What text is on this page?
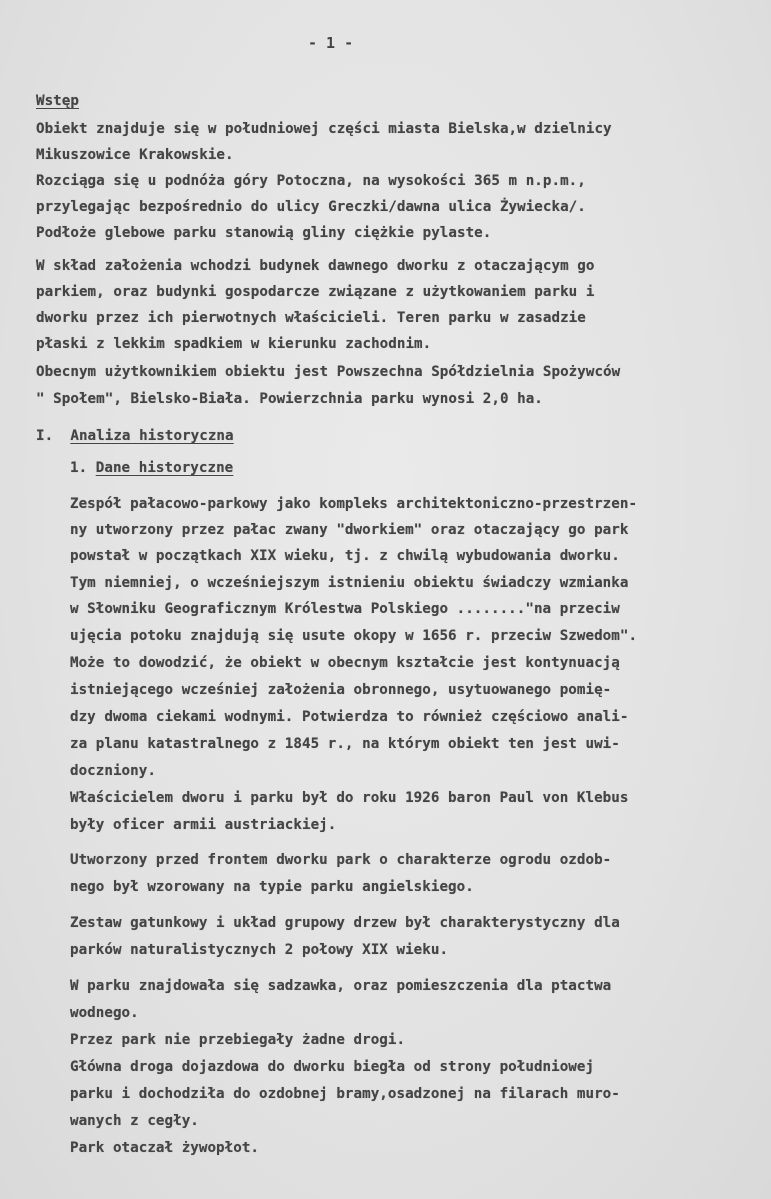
- 1 -
Wstęp
Obiekt znajduje się w południowej części miasta Bielska,w dzielnicy
Mikuszowice Krakowskie.
Rozciąga się u podnóża góry Potoczna, na wysokości 365 m n.p.m.,
przylegając bezpośrednio do ulicy Greczki/dawna ulica Żywiecka/.
Podłoże glebowe parku stanowią gliny ciężkie pylaste.
W skład założenia wchodzi budynek dawnego dworku z otaczającym go
parkiem, oraz budynki gospodarcze związane z użytkowaniem parku i
dworku przez ich pierwotnych właścicieli. Teren parku w zasadzie
płaski z lekkim spadkiem w kierunku zachodnim.
Obecnym użytkownikiem obiektu jest Powszechna Spółdzielnia Spożywców
" Społem", Bielsko-Biała. Powierzchnia parku wynosi 2,0 ha.
I. Analiza historyczna
1. Dane historyczne
Zespół pałacowo-parkowy jako kompleks architektoniczno-przestrzen-
ny utworzony przez pałac zwany "dworkiem" oraz otaczający go park
powstał w początkach XIX wieku, tj. z chwilą wybudowania dworku.
Tym niemniej, o wcześniejszym istnieniu obiektu świadczy wzmianka
w Słowniku Geograficznym Królestwa Polskiego ........"na przeciw
ujęcia potoku znajdują się usute okopy w 1656 r. przeciw Szwedom".
Może to dowodzić, że obiekt w obecnym kształcie jest kontynuacją
istniejącego wcześniej założenia obronnego, usytuowanego pomię-
dzy dwoma ciekami wodnymi. Potwierdza to również częściowo anali-
za planu katastralnego z 1845 r., na którym obiekt ten jest uwi-
doczniony.
Właścicielem dworu i parku był do roku 1926 baron Paul von Klebus
były oficer armii austriackiej.
Utworzony przed frontem dworku park o charakterze ogrodu ozdob-
nego był wzorowany na typie parku angielskiego.
Zestaw gatunkowy i układ grupowy drzew był charakterystyczny dla
parków naturalistycznych 2 połowy XIX wieku.
W parku znajdowała się sadzawka, oraz pomieszczenia dla ptactwa
wodnego.
Przez park nie przebiegały żadne drogi.
Główna droga dojazdowa do dworku biegła od strony południowej
parku i dochodziła do ozdobnej bramy,osadzonej na filarach muro-
wanych z cegły.
Park otaczał żywopłot.
